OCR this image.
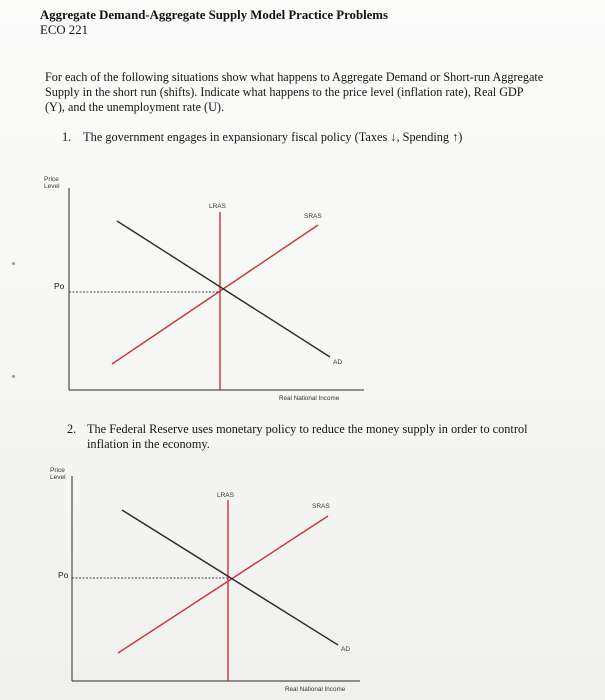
Aggregate Demand-Aggregate Supply Model Practice Problems
ECO 221
For each of the following situations show what happens to Aggregate Demand or Short-run Aggregate Supply in the short run (shifts). Indicate what happens to the price level (inflation rate), Real GDP (Y), and the unemployment rate (U).
1. The government engages in expansionary fiscal policy (Taxes ↓, Spending ↑)
Price
Level
Real National Income
LRAS
SRAS
AD
Po
2. The Federal Reserve uses monetary policy to reduce the money supply in order to control
inflation in the economy.
Price
Level
Real National Income
LRAS
SRAS
AD
Po
